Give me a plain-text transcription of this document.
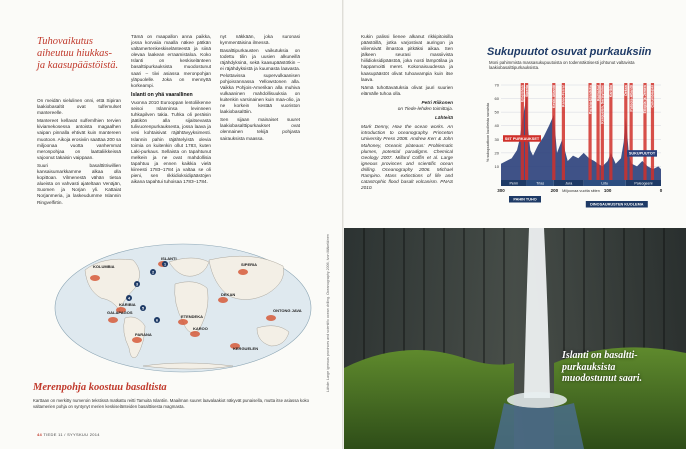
Tuhovaikutus aiheutuu hiukkas- ja kaasupäästöistä.

On meidän sielulinen onni, että Sipiran laakiobasaltit ovat tulfemulset mantereelle.

Mantereet kellavat sulfemlhien tervien kiviamekosessa antoista magaalhen vaipan pinnalla ehtivät kuin mantereen muotoon. Aikoja erosiviin saattaa 200 sa miljoonaa vuotta vanhemmat meronpohjaa on laattaliikkeissä vajoonut takaisin vaippaan.

Suuri basalttitriwillien kansaisumarkkamme alkaa olla kopittoan. Vilmenestä vähän tietoa alueista on vahvasti ajateltaan Venäjän, Suomen ja Norjan yli. Kattaiat Norjanmeria, ja laskeudumme Islannin Ringvelfirtin.

Tämä on maapallon anna paikka, jossa korvaiia maalla näkee pätkän valtamertenkeskiselänteestä ja siinä olevaa laakean erraamistaloa. Koko Islanti on keskiselänteen basalttipurkauksista muodostunut saari – tiivi asiassa meronpohjan yläpuolelle. Joka on mennyttä korkeampi.

Islanti on yhä vaarallinen

Vuonna 2010 Eurooppan lentoliikenne seisoi Islanninsa levinneen tuhkapilven takia. Tuhka oli peräisin jäätikön alla sijaitsevasta tulivuorenpurkauksesta, jossa laava ja vesi kohtaisivat räjähtävyyksimesti. Islannin pahin räjähtelyistä olevia toimia on kuitenkin ollut 1783, kuten Laki-purkaus. Sellaista on tapahtunut melkein ja ne ovat mahdollisia tapahtuu ja ennen kaikkia vielä kiireesti 1783–1784 ja valtaa se oli pieni, sen rikkidioksidipäästöjen aikana tapahtui tuhoisaa 1783–1784.

nyt näkkään, joka suronasi kymmentäisina ilmessä.

Basalttipurkausten vaikutuksia on todettu tilin ja uusien alkuneillä räjähdyksinä, sekä kaasupäästötkin – ei räjähdyksistä ja kuumasta laavasta. Pelottavissa supervulkaanisen pohjoisrannassa Yellowstonen alla. Vaikka Pohjois-Amerikan alla muhiva vulkaaninen mahdollisuuksia on kuitenkin varsinainen kuin maa-olio, ja ne korkein kestää vuoriston laakiobasalttiin.

Sen sijaan mainaiset suuret laakiobasalttipurkaukset ovat olennainen tekijä pohjasta sairauksista maassa.

Kukin palissi lienee alkanut rikkipitoisilla päästöillä, jotka varjostivat auringon ja viilensivät ilmastoa pitkäksi aikaa. Sen jälkeen seurasi massiivista hiilidioksidipäästöä, joka nosti lämpötilaa ja happamoitti meret. Kokonaisuudessa ja kaasupäästöt olivat tuhoavampia kuin itse laava.

Nämä tuhottavatuksia olivat juuri suurien elämälle tuhoa olla.

Petri Riikonen
on Tiede-lehden toimittaja.
Lähteitä
Mark Denny, How the ocean works. An introduction to oceanography. Princeton University Press 2008. Andrew Kerr & John Mahoney, Oceanic plateaus: Problematic plumes, potential paradigms. Chemical Geology 2007. Millard Coffin et al. Large igneous provinces and scientific ocean drilling. Oceanography 2006. Michael Rampino. Mass extinctions of life and catastrophic flood basalt volcanism. PNAS 2010.
Sukupuutot osuvat purkauksiin
Moni pahimmista massasukupuutoista on todennäköisesti johtunut valtavista laakiobasalttipurkauksista.
10
20
30
40
50
60
70
% sukupuuttoon kuolleista suvuista
Emeishan Siperia	Keski-Atlantti Karoo-Ferrar	Parana-Etendeka Rajmahal Kerguelen, Sarjaymme Karibia	Dekan Pohjois-Atlantti	Etiopia ja Jemen Columbiajoki
Perm	Trias	Jura	Liitu	Paleogeeni
300	200	100	0
Miljoonaa vuotta sitten
SIIT PURKAUKSET
SUKUPUUTOT
PAHIN TUHO
DINOSAURUSTEN KUOLEMA
KOLUMBIA
ONTONG JAVA
KARIBIA
GALAPAGOS
PARANA
ETENDEKA
KAROO
KERGUELEN
SIPERIA
DEKAN
ISLANTI
1
2
3
4
5
6
Merenpohja koostuu basaltista
Karttaan on merkitty numeroin tekstissä matkattu reitti Tamuita Islantiin. Maailman suuret laavalaakiot näkyvät punaisella, mutta itse asiassa koko valtamerien pohja on syntynyt merien keskiselänteiden basalttisesta magmasta.
Lähde: Large igneous provinces and scientific ocean drilling. Oceanography 2006, Ivon Mäkeläinen	Islanti on basalttipurkauksista muodostunut saari.
44 TIEDE 11 / SYYSKUU 2014
